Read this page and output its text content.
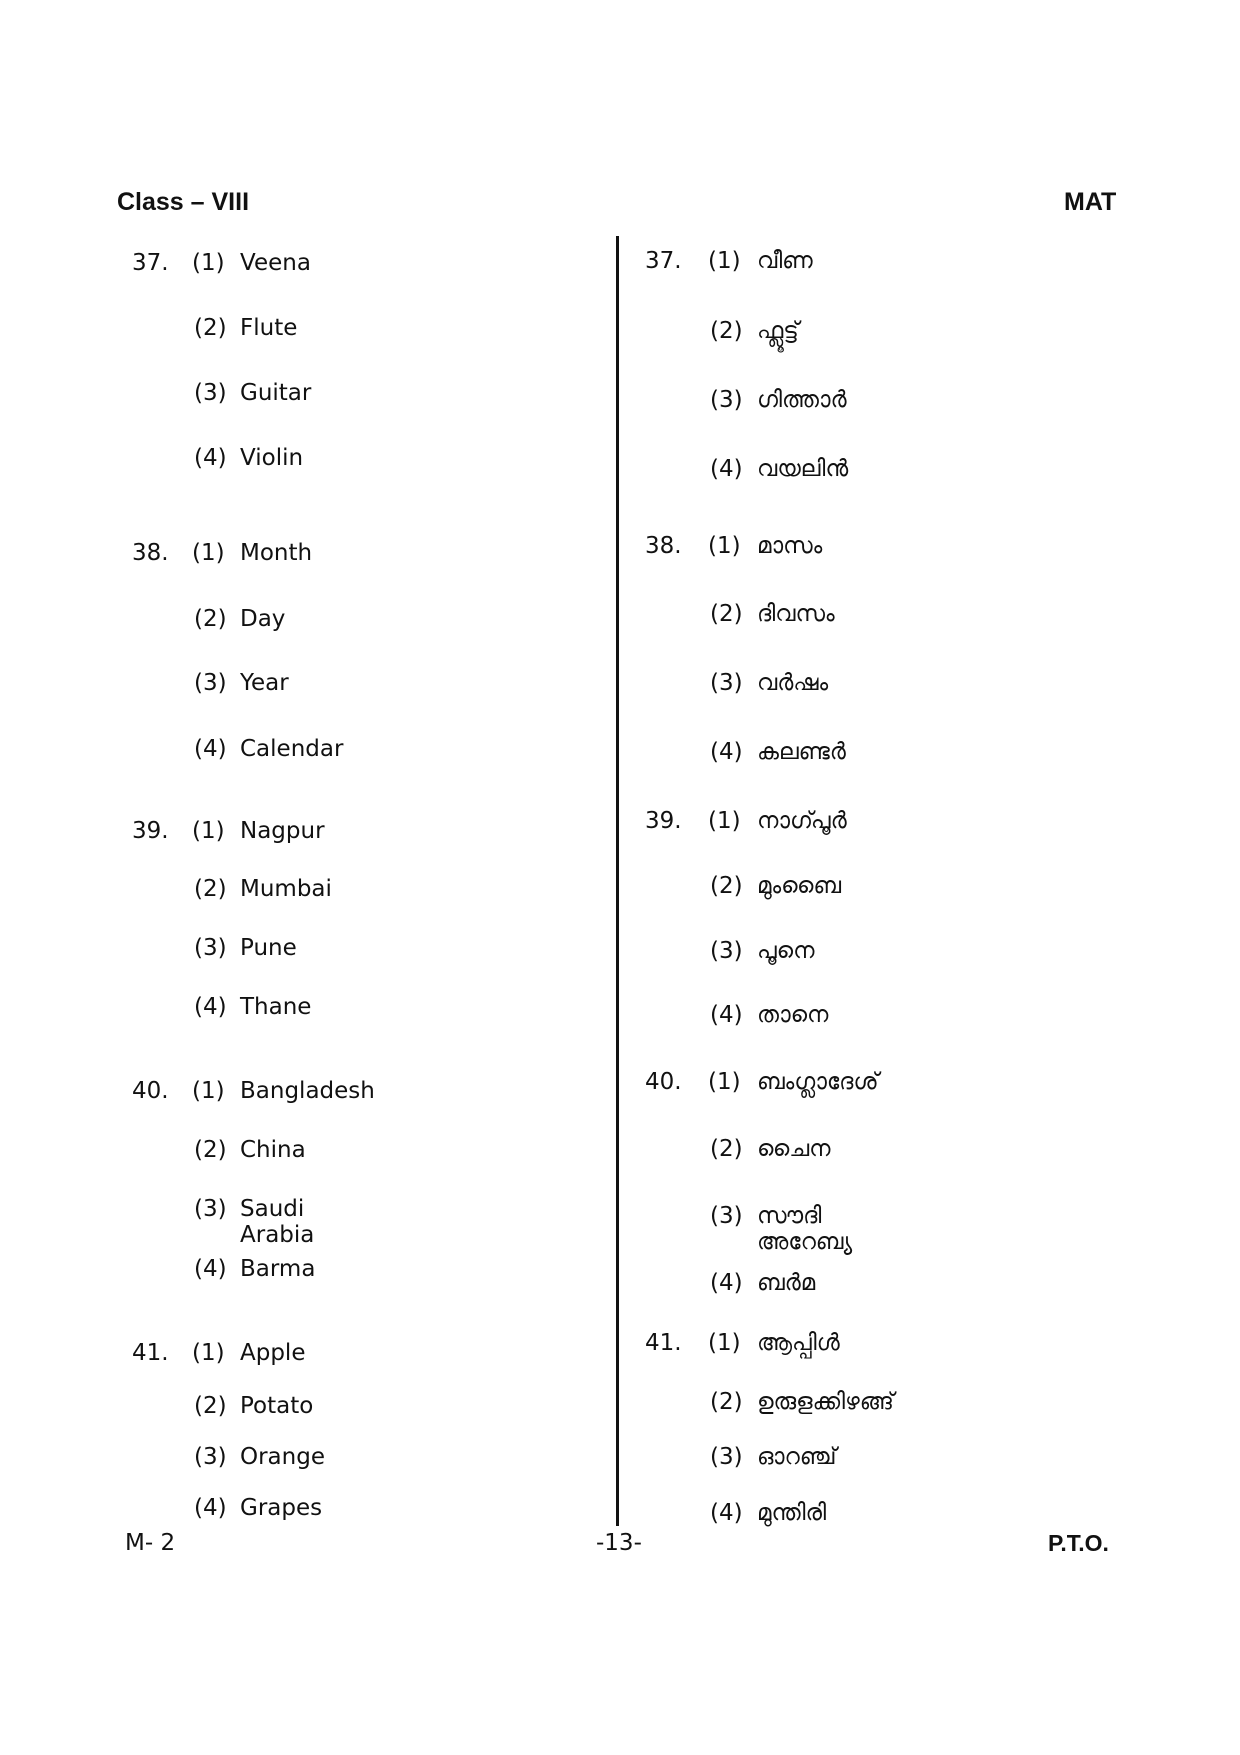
Class – VIII	MAT
37. (1) Veena
(2) Flute
(3) Guitar
(4) Violin
38. (1) Month
(2) Day
(3) Year
(4) Calendar
39. (1) Nagpur
(2) Mumbai
(3) Pune
(4) Thane
40. (1) Bangladesh
(2) China
(3) Saudi Arabia
(4) Barma
41. (1) Apple
(2) Potato
(3) Orange
(4) Grapes
37. (1) വീണ
(2) ഫ്ലൂട്ട്
(3) ഗിത്താർ
(4) വയലിൻ
38. (1) മാസം
(2) ദിവസം
(3) വർഷം
(4) കലണ്ടർ
39. (1) നാഗ്പൂർ
(2) മുംബൈ
(3) പൂനെ
(4) താനെ
40. (1) ബംഗ്ലാദേശ്
(2) ചൈന
(3) സൗദി അറേബ്യ
(4) ബർമ
41. (1) ആപ്പിൾ
(2) ഉരുളക്കിഴങ്ങ്
(3) ഓറഞ്ച്
(4) മുന്തിരി
M- 2	-13-	P.T.O.
